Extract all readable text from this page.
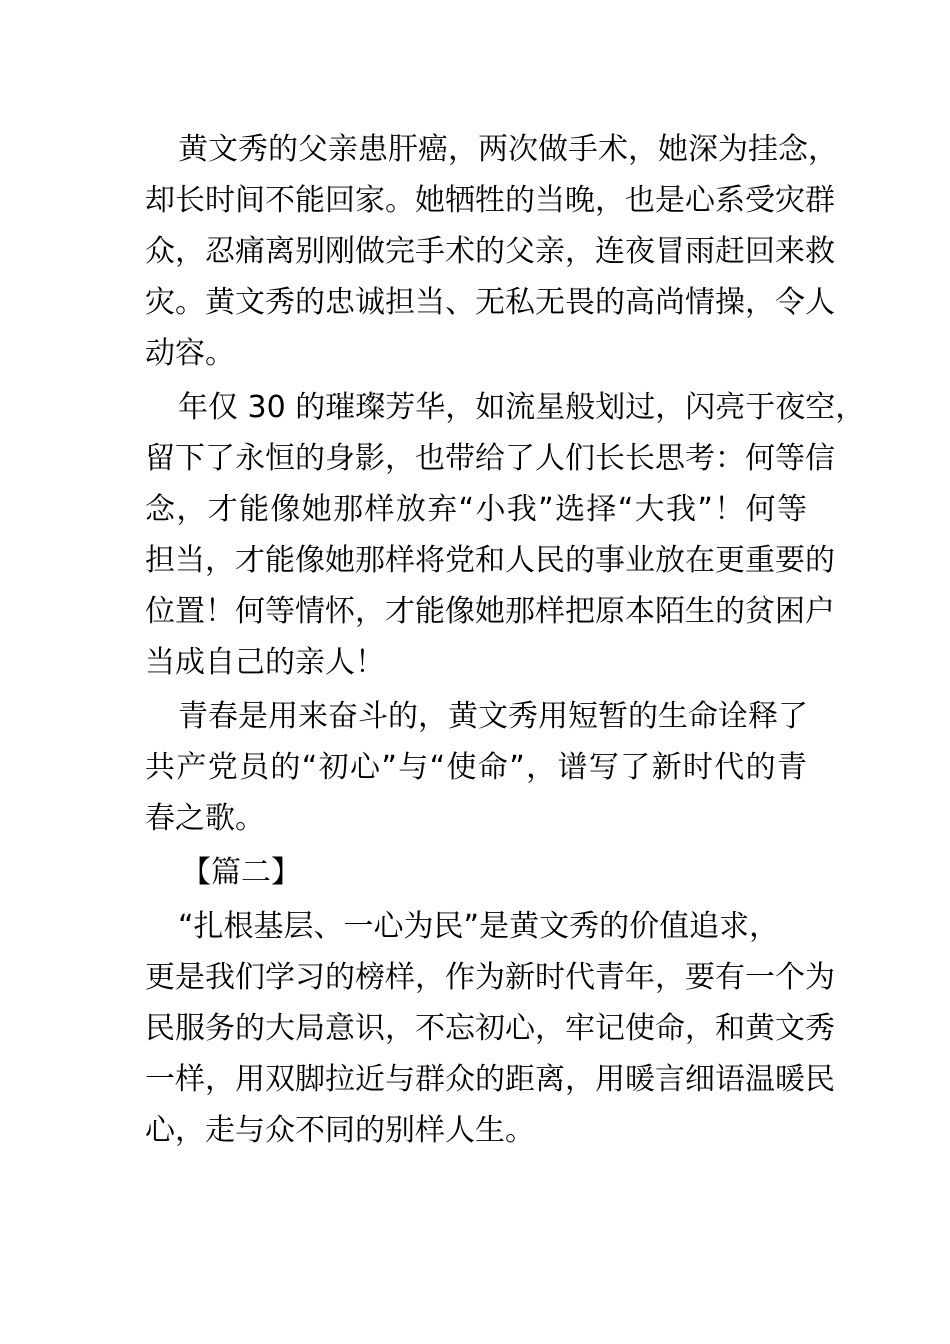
黄文秀的父亲患肝癌，两次做手术，她深为挂念，
却长时间不能回家。她牺牲的当晚，也是心系受灾群
众，忍痛离别刚做完手术的父亲，连夜冒雨赶回来救
灾。黄文秀的忠诚担当、无私无畏的高尚情操，令人
动容。
年仅 30 的璀璨芳华，如流星般划过，闪亮于夜空，
留下了永恒的身影，也带给了人们长长思考：何等信
念，才能像她那样放弃“小我”选择“大我”！何等
担当，才能像她那样将党和人民的事业放在更重要的
位置！何等情怀，才能像她那样把原本陌生的贫困户
当成自己的亲人！
青春是用来奋斗的，黄文秀用短暂的生命诠释了
共产党员的“初心”与“使命”，谱写了新时代的青
春之歌。
【篇二】
“扎根基层、一心为民”是黄文秀的价值追求，
更是我们学习的榜样，作为新时代青年，要有一个为
民服务的大局意识，不忘初心，牢记使命，和黄文秀
一样，用双脚拉近与群众的距离，用暖言细语温暖民
心，走与众不同的别样人生。
